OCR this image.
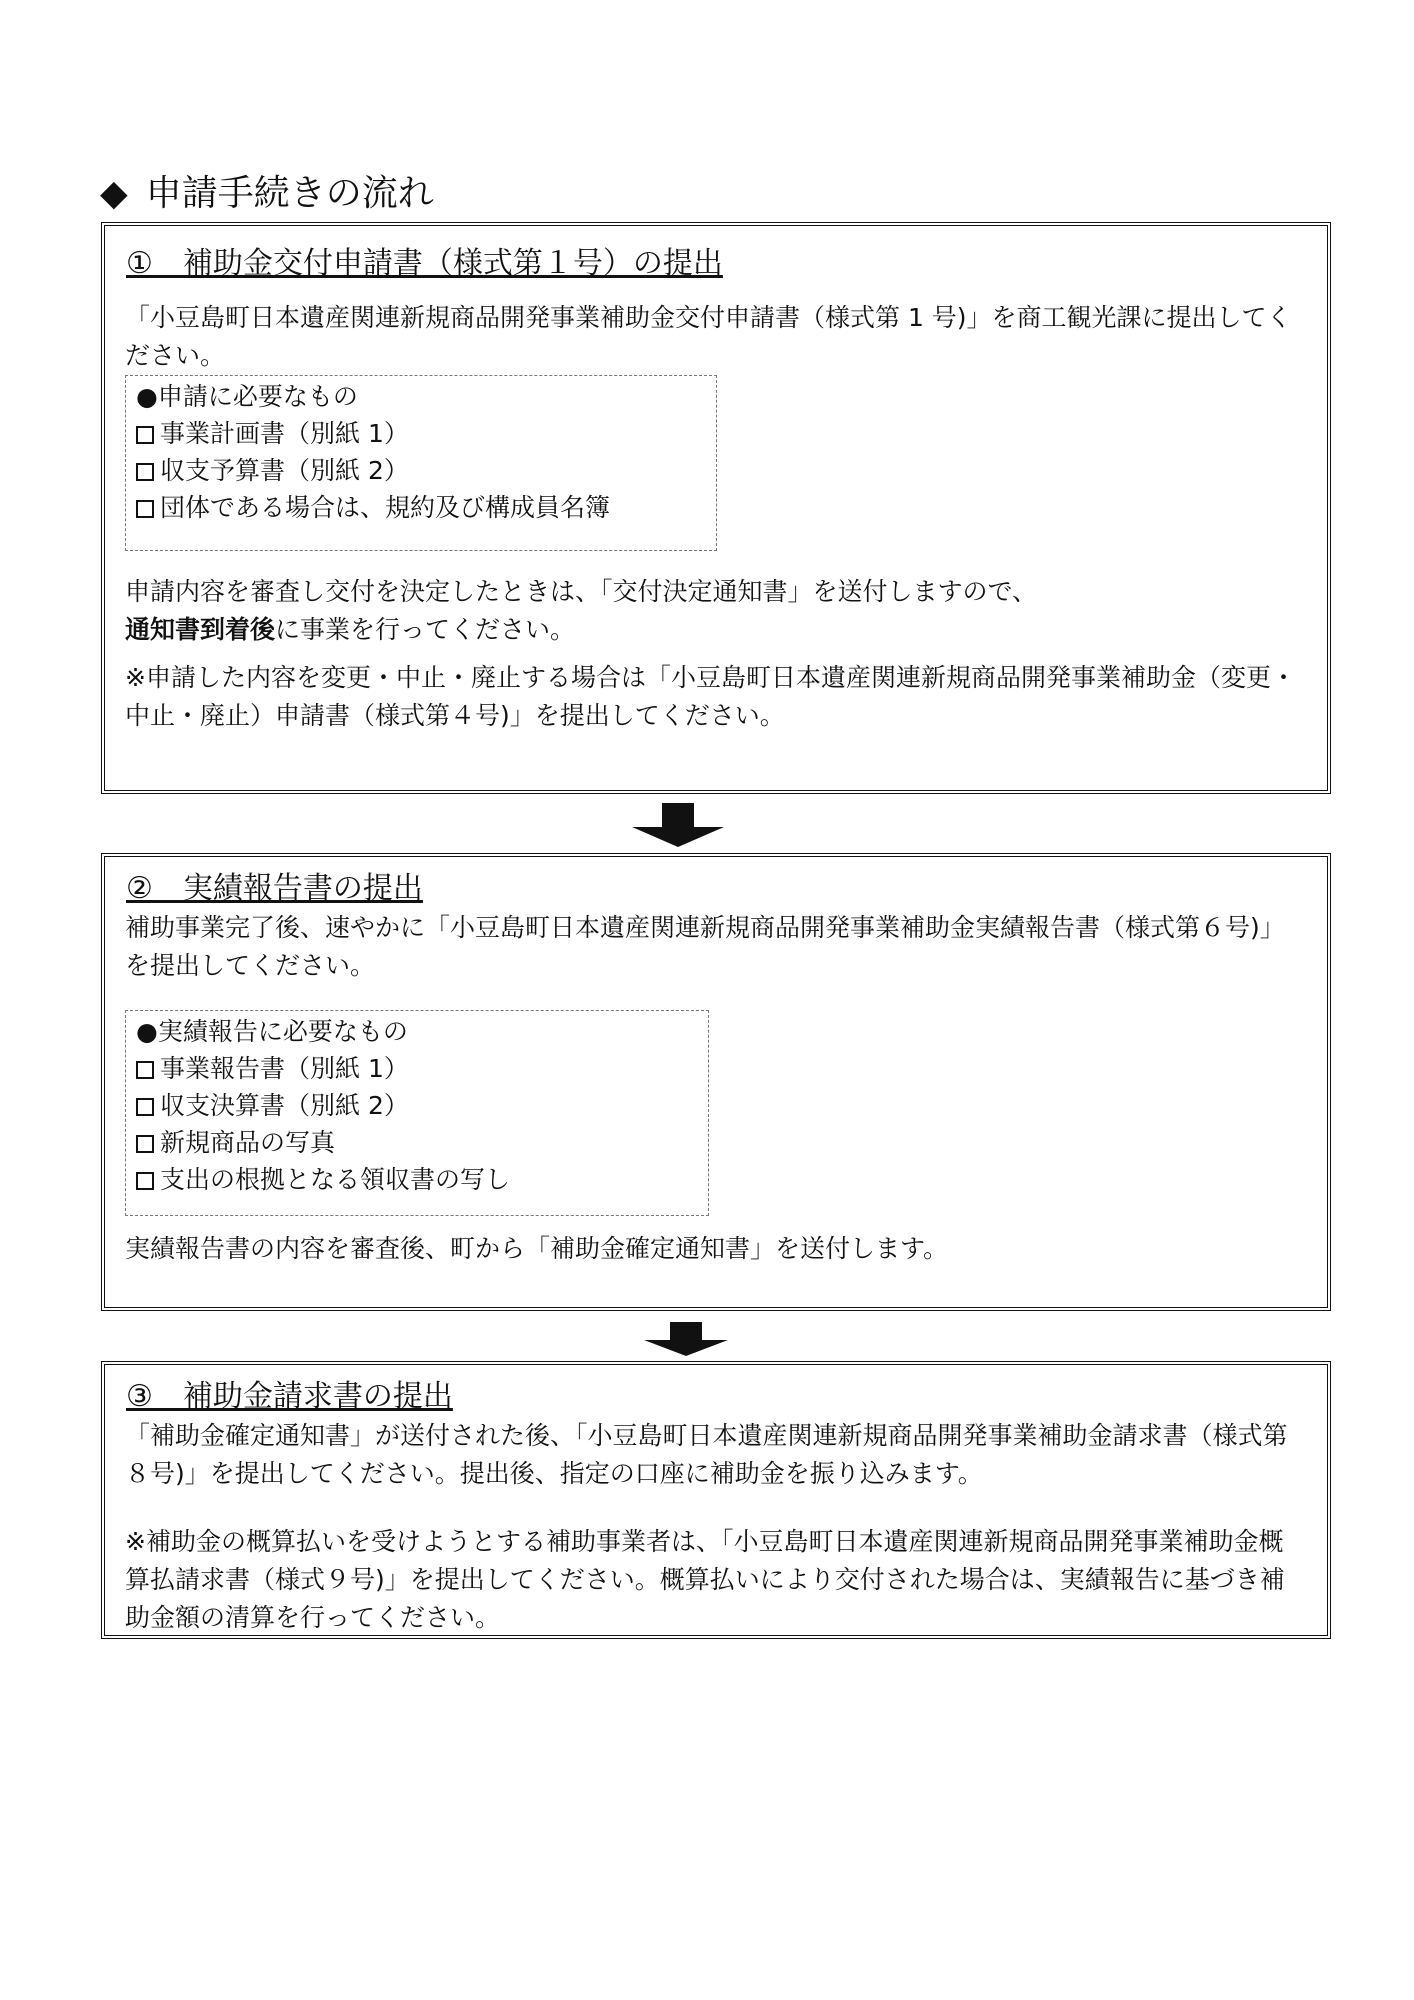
◆ 申請手続きの流れ
①　補助金交付申請書（様式第１号）の提出
「小豆島町日本遺産関連新規商品開発事業補助金交付申請書（様式第 1 号)」を商工観光課に提出してください。
●申請に必要なもの
事業計画書（別紙 1）
収支予算書（別紙 2）
団体である場合は、規約及び構成員名簿
申請内容を審査し交付を決定したときは、「交付決定通知書」を送付しますので、
通知書到着後に事業を行ってください。
※申請した内容を変更・中止・廃止する場合は「小豆島町日本遺産関連新規商品開発事業補助金（変更・中止・廃止）申請書（様式第４号)」を提出してください。
②　実績報告書の提出
補助事業完了後、速やかに「小豆島町日本遺産関連新規商品開発事業補助金実績報告書（様式第６号)」を提出してください。
●実績報告に必要なもの
事業報告書（別紙 1）
収支決算書（別紙 2）
新規商品の写真
支出の根拠となる領収書の写し
実績報告書の内容を審査後、町から「補助金確定通知書」を送付します。
③　補助金請求書の提出
「補助金確定通知書」が送付された後、「小豆島町日本遺産関連新規商品開発事業補助金請求書（様式第８号)」を提出してください。提出後、指定の口座に補助金を振り込みます。
※補助金の概算払いを受けようとする補助事業者は、「小豆島町日本遺産関連新規商品開発事業補助金概算払請求書（様式９号)」を提出してください。概算払いにより交付された場合は、実績報告に基づき補助金額の清算を行ってください。
